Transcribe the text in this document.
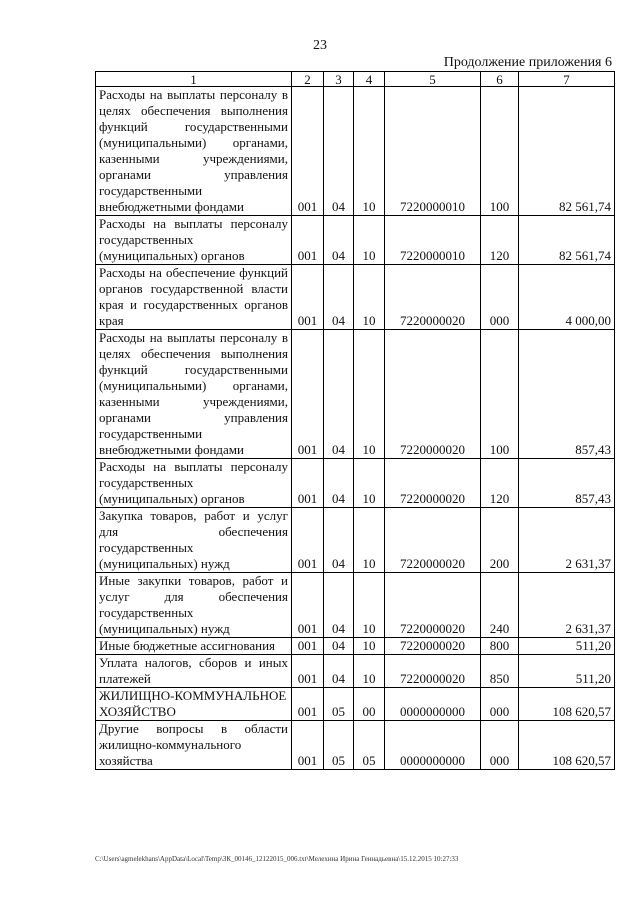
23
Продолжение приложения 6
1	2	3	4	5	6	7
Расходы на выплаты персоналу в целях обеспечения выполнения функций государственными (муниципальными) органами, казенными учреждениями, органами управления государственными внебюджетными фондами	001	04	10	7220000010	100	82 561,74
Расходы на выплаты персоналу государственных (муниципальных) органов	001	04	10	7220000010	120	82 561,74
Расходы на обеспечение функций органов государственной власти края и государственных органов края	001	04	10	7220000020	000	4 000,00
Расходы на выплаты персоналу в целях обеспечения выполнения функций государственными (муниципальными) органами, казенными учреждениями, органами управления государственными внебюджетными фондами	001	04	10	7220000020	100	857,43
Расходы на выплаты персоналу государственных (муниципальных) органов	001	04	10	7220000020	120	857,43
Закупка товаров, работ и услуг для обеспечения государственных (муниципальных) нужд	001	04	10	7220000020	200	2 631,37
Иные закупки товаров, работ и услуг для обеспечения государственных (муниципальных) нужд	001	04	10	7220000020	240	2 631,37
Иные бюджетные ассигнования	001	04	10	7220000020	800	511,20
Уплата налогов, сборов и иных платежей	001	04	10	7220000020	850	511,20
ЖИЛИЩНО-КОММУНАЛЬНОЕ ХОЗЯЙСТВО	001	05	00	0000000000	000	108 620,57
Другие вопросы в области жилищно-коммунального хозяйства	001	05	05	0000000000	000	108 620,57
C:\Users\agmelekhans\AppData\Local\Temp\ЗК_00146_12122015_006.txt\Мелехина Ирина Геннадьевна\15.12.2015 10:27:33
